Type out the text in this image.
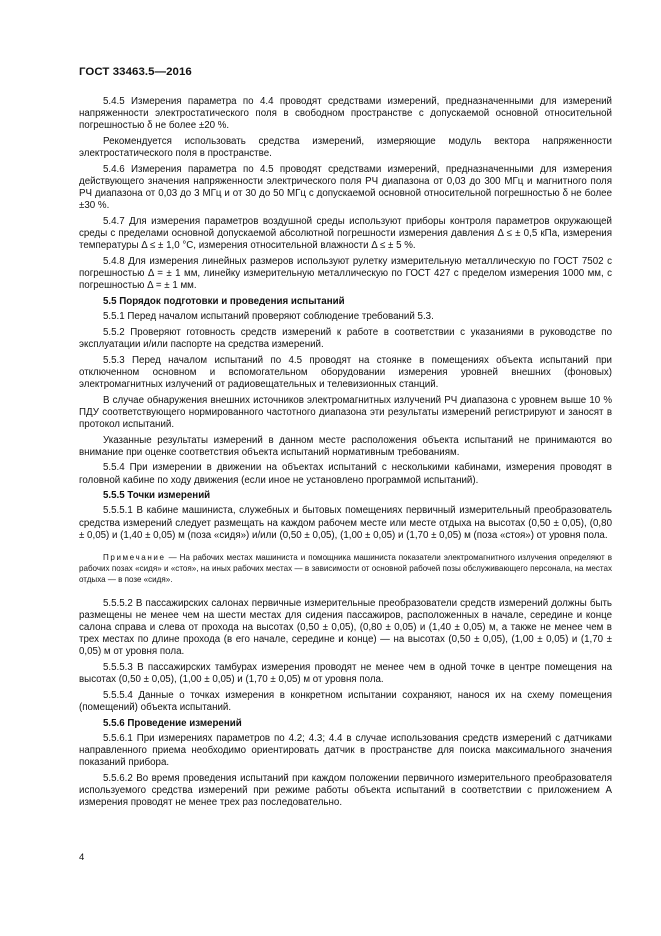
ГОСТ 33463.5—2016

5.4.5 Измерения параметра по 4.4 проводят средствами измерений, предназначенными для измерений напряженности электростатического поля в свободном пространстве с допускаемой основной относительной погрешностью δ не более ±20 %.

Рекомендуется использовать средства измерений, измеряющие модуль вектора напряженности электростатического поля в пространстве.

5.4.6 Измерения параметра по 4.5 проводят средствами измерений, предназначенными для измерения действующего значения напряженности электрического поля РЧ диапазона от 0,03 до 300 МГц и магнитного поля РЧ диапазона от 0,03 до 3 МГц и от 30 до 50 МГц с допускаемой основной относительной погрешностью δ не более ±30 %.

5.4.7 Для измерения параметров воздушной среды используют приборы контроля параметров окружающей среды с пределами основной допускаемой абсолютной погрешности измерения давления Δ ≤ ± 0,5 кПа, измерения температуры Δ ≤ ± 1,0 °С, измерения относительной влажности Δ ≤ ± 5 %.

5.4.8 Для измерения линейных размеров используют рулетку измерительную металлическую по ГОСТ 7502 с погрешностью Δ = ± 1 мм, линейку измерительную металлическую по ГОСТ 427 с пределом измерения 1000 мм, с погрешностью Δ = ± 1 мм.

5.5 Порядок подготовки и проведения испытаний

5.5.1 Перед началом испытаний проверяют соблюдение требований 5.3.

5.5.2 Проверяют готовность средств измерений к работе в соответствии с указаниями в руководстве по эксплуатации и/или паспорте на средства измерений.

5.5.3 Перед началом испытаний по 4.5 проводят на стоянке в помещениях объекта испытаний при отключенном основном и вспомогательном оборудовании измерения уровней внешних (фоновых) электромагнитных излучений от радиовещательных и телевизионных станций.

В случае обнаружения внешних источников электромагнитных излучений РЧ диапазона с уровнем выше 10 % ПДУ соответствующего нормированного частотного диапазона эти результаты измерений регистрируют и заносят в протокол испытаний.

Указанные результаты измерений в данном месте расположения объекта испытаний не принимаются во внимание при оценке соответствия объекта испытаний нормативным требованиям.

5.5.4 При измерении в движении на объектах испытаний с несколькими кабинами, измерения проводят в головной кабине по ходу движения (если иное не установлено программой испытаний).

5.5.5 Точки измерений

5.5.5.1 В кабине машиниста, служебных и бытовых помещениях первичный измерительный преобразователь средства измерений следует размещать на каждом рабочем месте или месте отдыха на высотах (0,50 ± 0,05), (0,80 ± 0,05) и (1,40 ± 0,05) м (поза «сидя») и/или (0,50 ± 0,05), (1,00 ± 0,05) и (1,70 ± 0,05) м (поза «стоя») от уровня пола.

Примечание — На рабочих местах машиниста и помощника машиниста показатели электромагнитного излучения определяют в рабочих позах «сидя» и «стоя», на иных рабочих местах — в зависимости от основной рабочей позы обслуживающего персонала, на местах отдыха — в позе «сидя».

5.5.5.2 В пассажирских салонах первичные измерительные преобразователи средств измерений должны быть размещены не менее чем на шести местах для сидения пассажиров, расположенных в начале, середине и конце салона справа и слева от прохода на высотах (0,50 ± 0,05), (0,80 ± 0,05) и (1,40 ± 0,05) м, а также не менее чем в трех местах по длине прохода (в его начале, середине и конце) — на высотах (0,50 ± 0,05), (1,00 ± 0,05) и (1,70 ± 0,05) м от уровня пола.

5.5.5.3 В пассажирских тамбурах измерения проводят не менее чем в одной точке в центре помещения на высотах (0,50 ± 0,05), (1,00 ± 0,05) и (1,70 ± 0,05) м от уровня пола.

5.5.5.4 Данные о точках измерения в конкретном испытании сохраняют, нанося их на схему помещения (помещений) объекта испытаний.

5.5.6 Проведение измерений

5.5.6.1 При измерениях параметров по 4.2; 4.3; 4.4 в случае использования средств измерений с датчиками направленного приема необходимо ориентировать датчик в пространстве для поиска максимального значения показаний прибора.

5.5.6.2 Во время проведения испытаний при каждом положении первичного измерительного преобразователя используемого средства измерений при режиме работы объекта испытаний в соответствии с приложением А измерения проводят не менее трех раз последовательно.

4
